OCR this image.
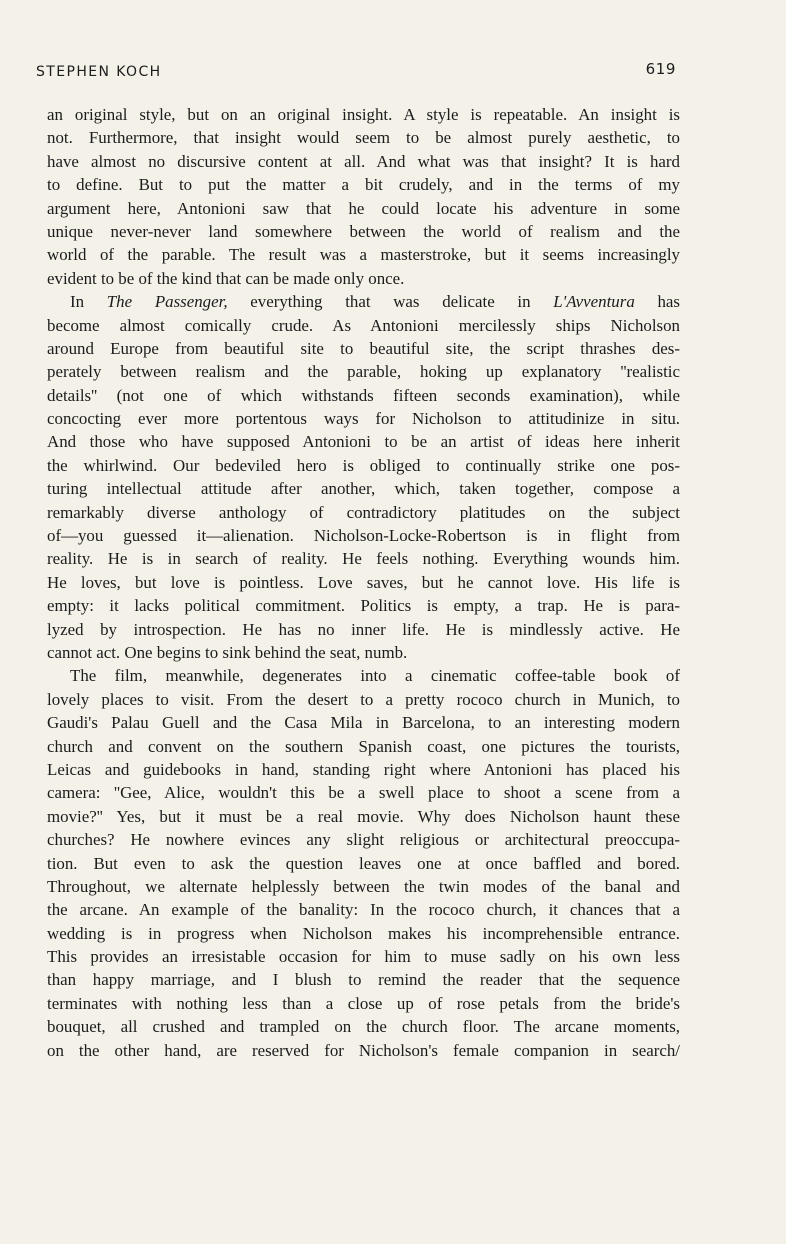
STEPHEN KOCH	619
an original style, but on an original insight. A style is repeatable. An insight is
not. Furthermore, that insight would seem to be almost purely aesthetic, to
have almost no discursive content at all. And what was that insight? It is hard
to define. But to put the matter a bit crudely, and in the terms of my
argument here, Antonioni saw that he could locate his adventure in some
unique never-never land somewhere between the world of realism and the
world of the parable. The result was a masterstroke, but it seems increasingly
evident to be of the kind that can be made only once.
In The Passenger, everything that was delicate in L'Avventura has
become almost comically crude. As Antonioni mercilessly ships Nicholson
around Europe from beautiful site to beautiful site, the script thrashes des-
perately between realism and the parable, hoking up explanatory ''realistic
details'' (not one of which withstands fifteen seconds examination), while
concocting ever more portentous ways for Nicholson to attitudinize in situ.
And those who have supposed Antonioni to be an artist of ideas here inherit
the whirlwind. Our bedeviled hero is obliged to continually strike one pos-
turing intellectual attitude after another, which, taken together, compose a
remarkably diverse anthology of contradictory platitudes on the subject
of—you guessed it—alienation. Nicholson-Locke-Robertson is in flight from
reality. He is in search of reality. He feels nothing. Everything wounds him.
He loves, but love is pointless. Love saves, but he cannot love. His life is
empty: it lacks political commitment. Politics is empty, a trap. He is para-
lyzed by introspection. He has no inner life. He is mindlessly active. He
cannot act. One begins to sink behind the seat, numb.
The film, meanwhile, degenerates into a cinematic coffee-table book of
lovely places to visit. From the desert to a pretty rococo church in Munich, to
Gaudi's Palau Guell and the Casa Mila in Barcelona, to an interesting modern
church and convent on the southern Spanish coast, one pictures the tourists,
Leicas and guidebooks in hand, standing right where Antonioni has placed his
camera: ''Gee, Alice, wouldn't this be a swell place to shoot a scene from a
movie?'' Yes, but it must be a real movie. Why does Nicholson haunt these
churches? He nowhere evinces any slight religious or architectural preoccupa-
tion. But even to ask the question leaves one at once baffled and bored.
Throughout, we alternate helplessly between the twin modes of the banal and
the arcane. An example of the banality: In the rococo church, it chances that a
wedding is in progress when Nicholson makes his incomprehensible entrance.
This provides an irresistable occasion for him to muse sadly on his own less
than happy marriage, and I blush to remind the reader that the sequence
terminates with nothing less than a close up of rose petals from the bride's
bouquet, all crushed and trampled on the church floor. The arcane moments,
on the other hand, are reserved for Nicholson's female companion in search/
